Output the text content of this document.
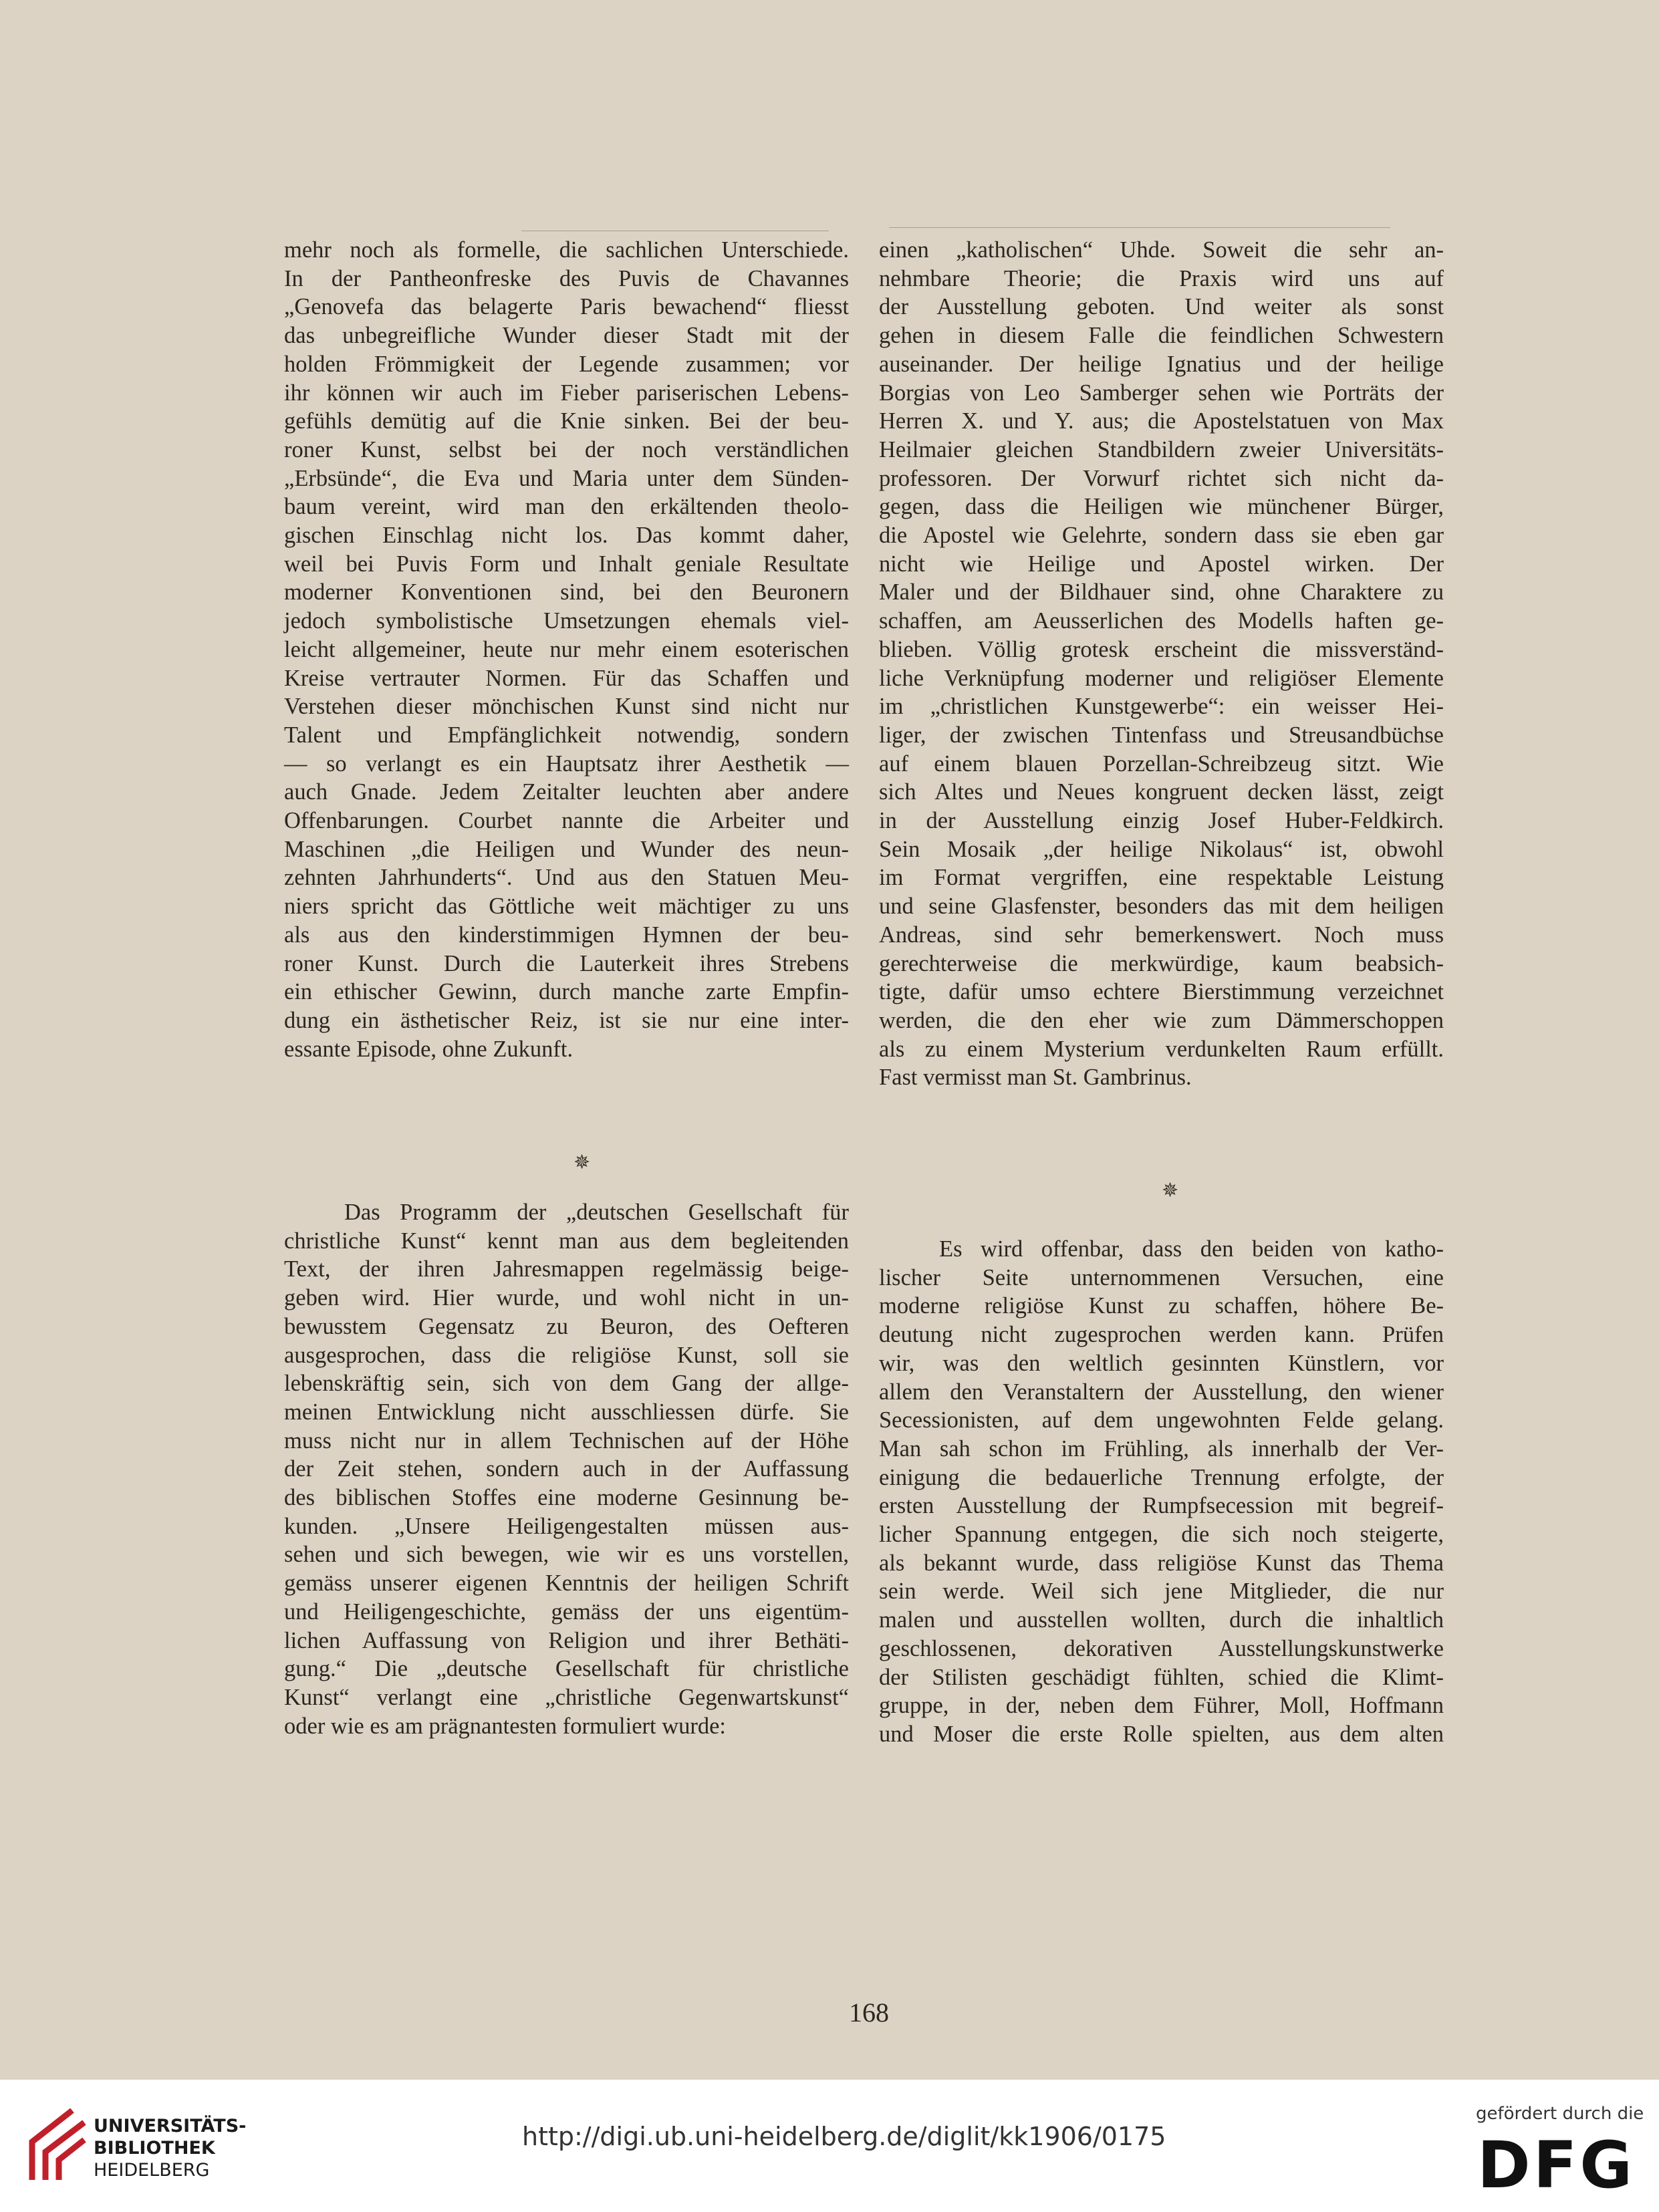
mehr noch als formelle, die sachlichen Unterschiede.
In der Pantheonfreske des Puvis de Chavannes
„Genovefa das belagerte Paris bewachend“ fliesst
das unbegreifliche Wunder dieser Stadt mit der
holden Frömmigkeit der Legende zusammen; vor
ihr können wir auch im Fieber pariserischen Lebens-
gefühls demütig auf die Knie sinken. Bei der beu-
roner Kunst, selbst bei der noch verständlichen
„Erbsünde“, die Eva und Maria unter dem Sünden-
baum vereint, wird man den erkältenden theolo-
gischen Einschlag nicht los. Das kommt daher,
weil bei Puvis Form und Inhalt geniale Resultate
moderner Konventionen sind, bei den Beuronern
jedoch symbolistische Umsetzungen ehemals viel-
leicht allgemeiner, heute nur mehr einem esoterischen
Kreise vertrauter Normen. Für das Schaffen und
Verstehen dieser mönchischen Kunst sind nicht nur
Talent und Empfänglichkeit notwendig, sondern
— so verlangt es ein Hauptsatz ihrer Aesthetik —
auch Gnade. Jedem Zeitalter leuchten aber andere
Offenbarungen. Courbet nannte die Arbeiter und
Maschinen „die Heiligen und Wunder des neun-
zehnten Jahrhunderts“. Und aus den Statuen Meu-
niers spricht das Göttliche weit mächtiger zu uns
als aus den kinderstimmigen Hymnen der beu-
roner Kunst. Durch die Lauterkeit ihres Strebens
ein ethischer Gewinn, durch manche zarte Empfin-
dung ein ästhetischer Reiz, ist sie nur eine inter-
essante Episode, ohne Zukunft.
✵
Das Programm der „deutschen Gesellschaft für
christliche Kunst“ kennt man aus dem begleitenden
Text, der ihren Jahresmappen regelmässig beige-
geben wird. Hier wurde, und wohl nicht in un-
bewusstem Gegensatz zu Beuron, des Oefteren
ausgesprochen, dass die religiöse Kunst, soll sie
lebenskräftig sein, sich von dem Gang der allge-
meinen Entwicklung nicht ausschliessen dürfe. Sie
muss nicht nur in allem Technischen auf der Höhe
der Zeit stehen, sondern auch in der Auffassung
des biblischen Stoffes eine moderne Gesinnung be-
kunden. „Unsere Heiligengestalten müssen aus-
sehen und sich bewegen, wie wir es uns vorstellen,
gemäss unserer eigenen Kenntnis der heiligen Schrift
und Heiligengeschichte, gemäss der uns eigentüm-
lichen Auffassung von Religion und ihrer Bethäti-
gung.“ Die „deutsche Gesellschaft für christliche
Kunst“ verlangt eine „christliche Gegenwartskunst“
oder wie es am prägnantesten formuliert wurde:
einen „katholischen“ Uhde. Soweit die sehr an-
nehmbare Theorie; die Praxis wird uns auf
der Ausstellung geboten. Und weiter als sonst
gehen in diesem Falle die feindlichen Schwestern
auseinander. Der heilige Ignatius und der heilige
Borgias von Leo Samberger sehen wie Porträts der
Herren X. und Y. aus; die Apostelstatuen von Max
Heilmaier gleichen Standbildern zweier Universitäts-
professoren. Der Vorwurf richtet sich nicht da-
gegen, dass die Heiligen wie münchener Bürger,
die Apostel wie Gelehrte, sondern dass sie eben gar
nicht wie Heilige und Apostel wirken. Der
Maler und der Bildhauer sind, ohne Charaktere zu
schaffen, am Aeusserlichen des Modells haften ge-
blieben. Völlig grotesk erscheint die missverständ-
liche Verknüpfung moderner und religiöser Elemente
im „christlichen Kunstgewerbe“: ein weisser Hei-
liger, der zwischen Tintenfass und Streusandbüchse
auf einem blauen Porzellan-Schreibzeug sitzt. Wie
sich Altes und Neues kongruent decken lässt, zeigt
in der Ausstellung einzig Josef Huber-Feldkirch.
Sein Mosaik „der heilige Nikolaus“ ist, obwohl
im Format vergriffen, eine respektable Leistung
und seine Glasfenster, besonders das mit dem heiligen
Andreas, sind sehr bemerkenswert. Noch muss
gerechterweise die merkwürdige, kaum beabsich-
tigte, dafür umso echtere Bierstimmung verzeichnet
werden, die den eher wie zum Dämmerschoppen
als zu einem Mysterium verdunkelten Raum erfüllt.
Fast vermisst man St. Gambrinus.
✵
Es wird offenbar, dass den beiden von katho-
lischer Seite unternommenen Versuchen, eine
moderne religiöse Kunst zu schaffen, höhere Be-
deutung nicht zugesprochen werden kann. Prüfen
wir, was den weltlich gesinnten Künstlern, vor
allem den Veranstaltern der Ausstellung, den wiener
Secessionisten, auf dem ungewohnten Felde gelang.
Man sah schon im Frühling, als innerhalb der Ver-
einigung die bedauerliche Trennung erfolgte, der
ersten Ausstellung der Rumpfsecession mit begreif-
licher Spannung entgegen, die sich noch steigerte,
als bekannt wurde, dass religiöse Kunst das Thema
sein werde. Weil sich jene Mitglieder, die nur
malen und ausstellen wollten, durch die inhaltlich
geschlossenen, dekorativen Ausstellungskunstwerke
der Stilisten geschädigt fühlten, schied die Klimt-
gruppe, in der, neben dem Führer, Moll, Hoffmann
und Moser die erste Rolle spielten, aus dem alten
168
UNIVERSITÄTS-
BIBLIOTHEK
HEIDELBERG
http://digi.ub.uni-heidelberg.de/diglit/kk1906/0175
gefördert durch die
DFG
